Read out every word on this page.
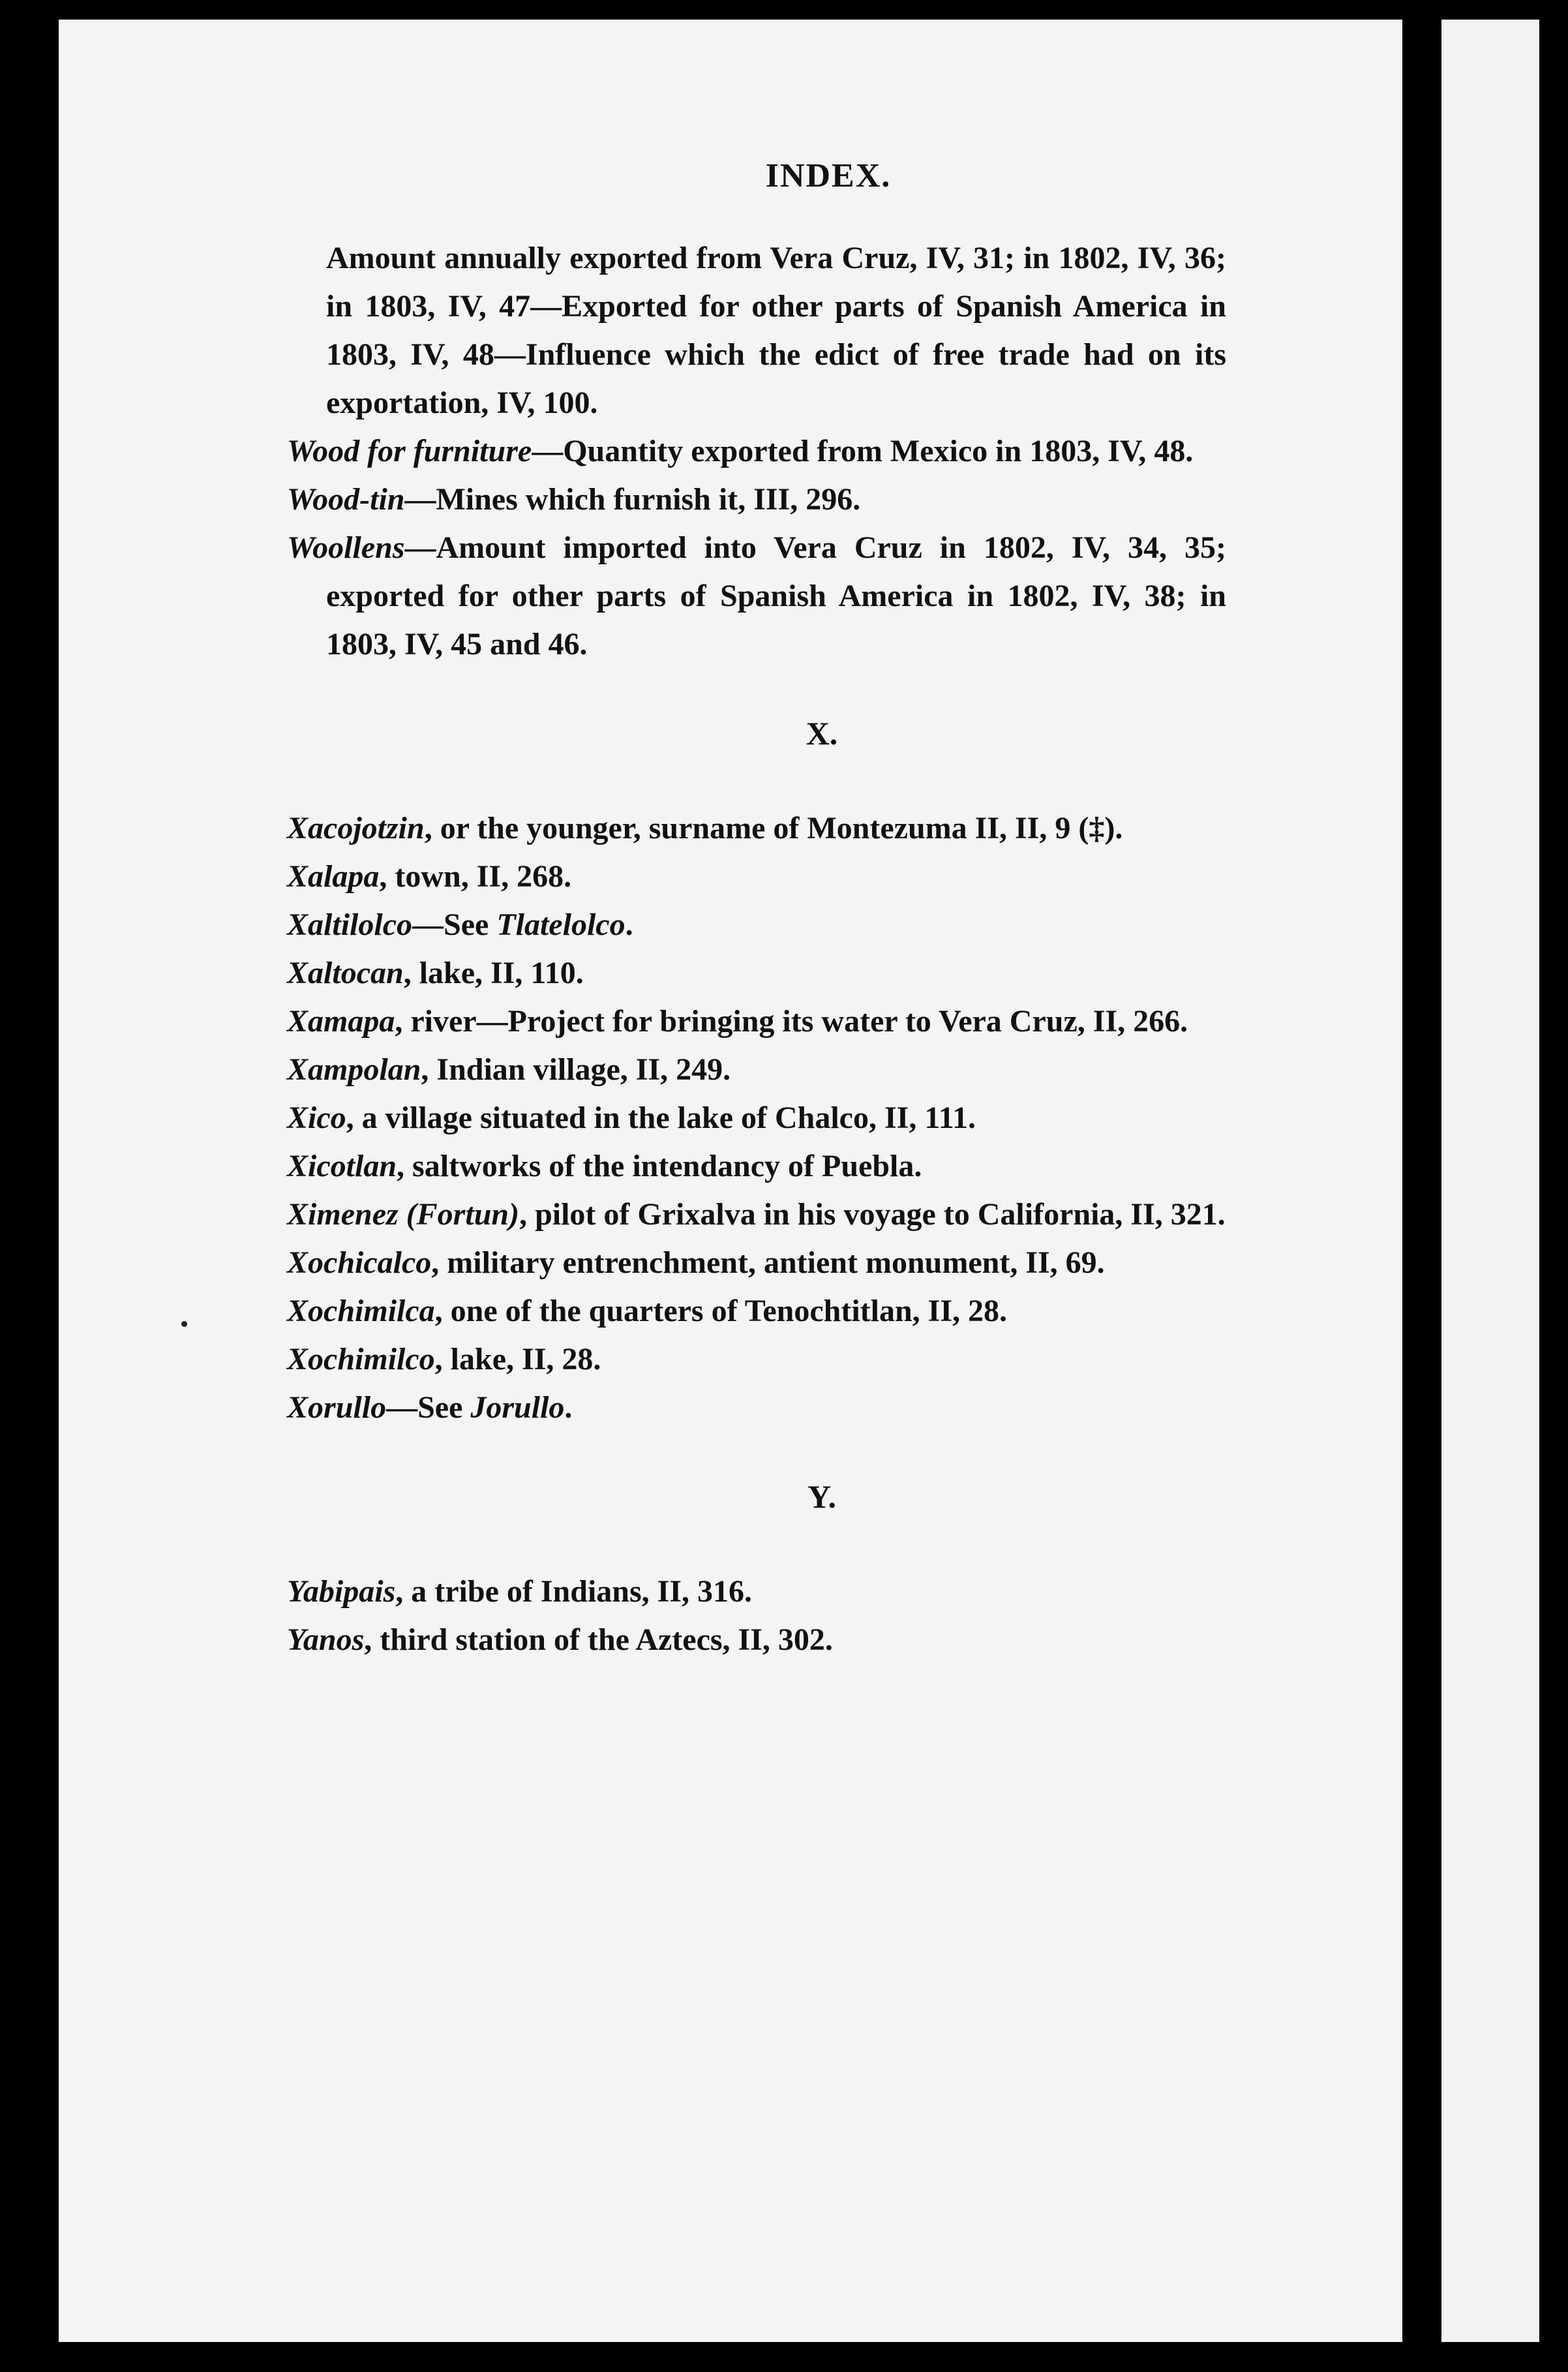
INDEX.
Amount annually exported from Vera Cruz, IV, 31; in 1802, IV, 36; in 1803, IV, 47—Exported for other parts of Spanish America in 1803, IV, 48—Influence which the edict of free trade had on its exportation, IV, 100.
Wood for furniture—Quantity exported from Mexico in 1803, IV, 48.
Wood-tin—Mines which furnish it, III, 296.
Woollens—Amount imported into Vera Cruz in 1802, IV, 34, 35; exported for other parts of Spanish America in 1802, IV, 38; in 1803, IV, 45 and 46.
X.
Xacojotzin, or the younger, surname of Montezuma II, II, 9 (‡).
Xalapa, town, II, 268.
Xaltilolco—See Tlatelolco.
Xaltocan, lake, II, 110.
Xamapa, river—Project for bringing its water to Vera Cruz, II, 266.
Xampolan, Indian village, II, 249.
Xico, a village situated in the lake of Chalco, II, 111.
Xicotlan, saltworks of the intendancy of Puebla.
Ximenez (Fortun), pilot of Grixalva in his voyage to California, II, 321.
Xochicalco, military entrenchment, antient monument, II, 69.
Xochimilca, one of the quarters of Tenochtitlan, II, 28.
Xochimilco, lake, II, 28.
Xorullo—See Jorullo.
Y.
Yabipais, a tribe of Indians, II, 316.
Yanos, third station of the Aztecs, II, 302.
